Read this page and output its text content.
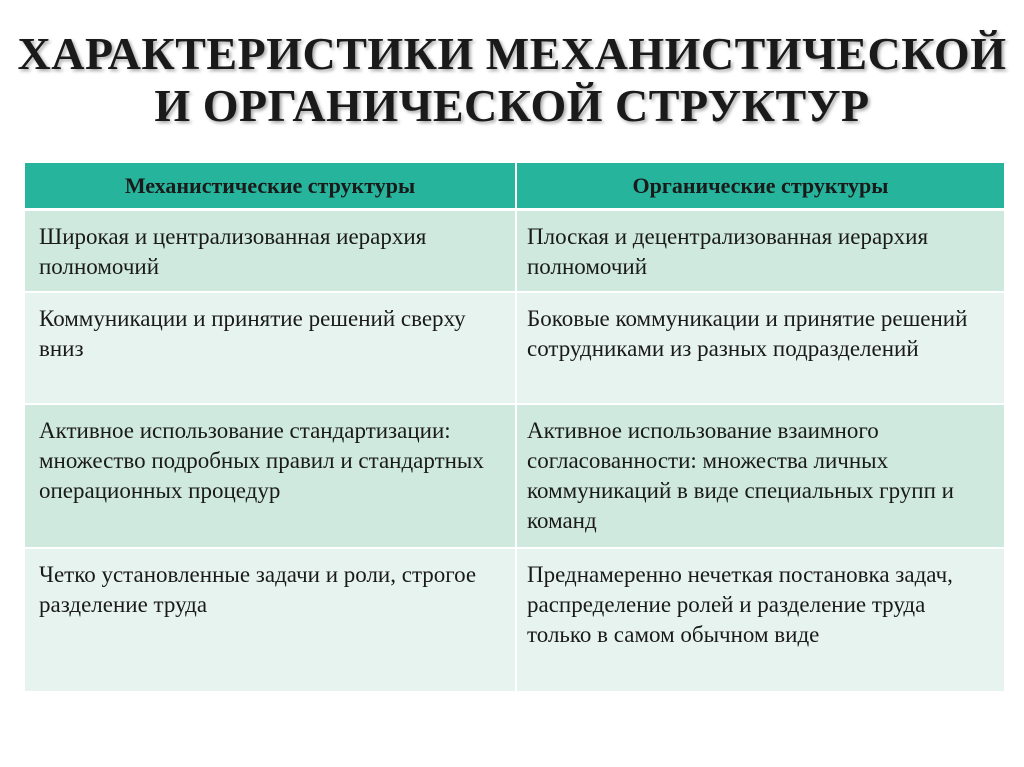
ХАРАКТЕРИСТИКИ МЕХАНИСТИЧЕСКОЙ
И ОРГАНИЧЕСКОЙ СТРУКТУР
Механистические структуры	Органические структуры
Широкая и централизованная иерархия полномочий	Плоская и децентрализованная иерархия полномочий
Коммуникации и принятие решений сверху вниз	Боковые коммуникации и принятие решений сотрудниками из разных подразделений
Активное использование стандартизации: множество подробных правил и стандартных операционных процедур	Активное использование взаимного согласованности: множества личных коммуникаций в виде специальных групп и команд
Четко установленные задачи и роли, строгое разделение труда	Преднамеренно нечеткая постановка задач, распределение ролей и разделение труда только в самом обычном виде
